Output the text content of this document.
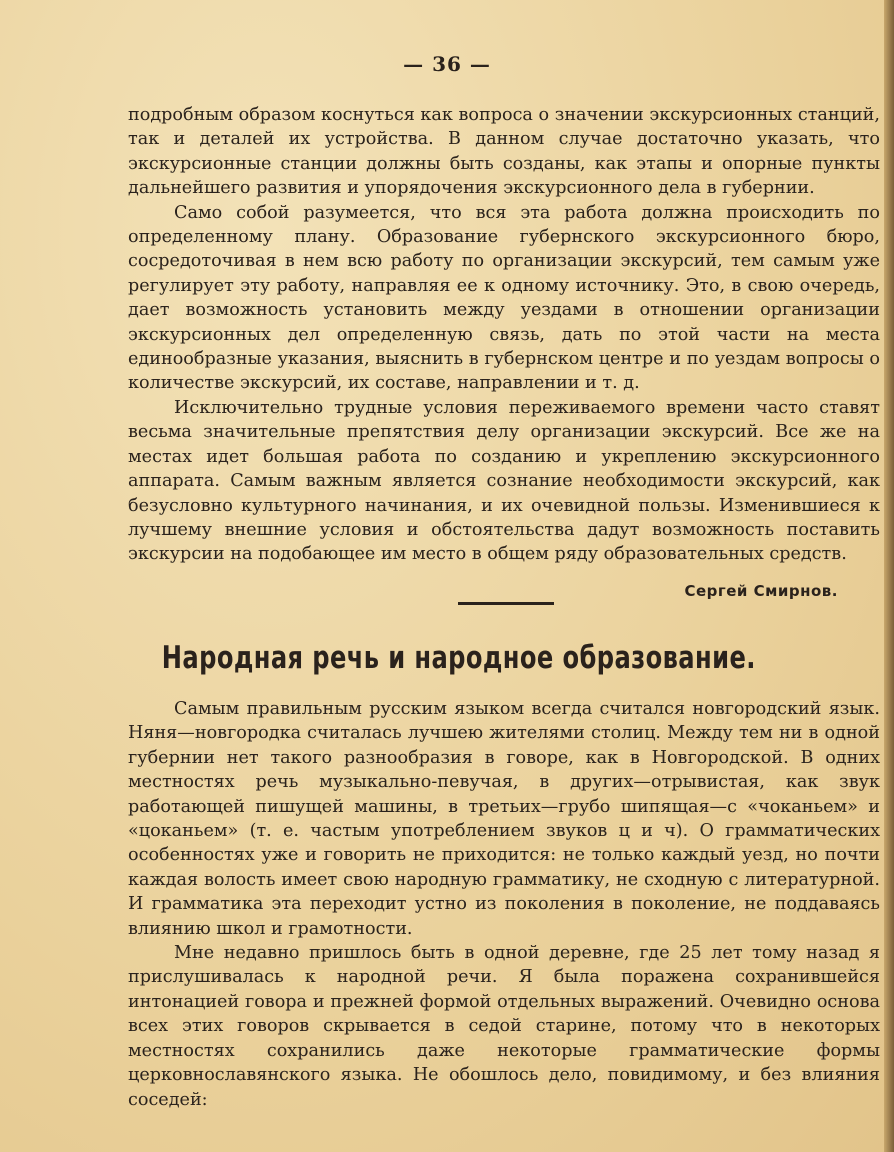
— 36 —

подробным образом коснуться как вопроса о значении экскурсионных станций, так и деталей их устройства. В данном случае достаточно указать, что экскурсионные станции должны быть созданы, как этапы и опорные пункты дальнейшего развития и упорядочения экскурсионного дела в губернии.

Само собой разумеется, что вся эта работа должна происходить по определенному плану. Образование губернского экскурсионного бюро, сосредоточивая в нем всю работу по организации экскурсий, тем самым уже регулирует эту работу, направляя ее к одному источнику. Это, в свою очередь, дает возможность установить между уездами в отношении организации экскурсионных дел определенную связь, дать по этой части на места единообразные указания, выяснить в губернском центре и по уездам вопросы о количестве экскурсий, их составе, направлении и т. д.

Исключительно трудные условия переживаемого времени часто ставят весьма значительные препятствия делу организации экскурсий. Все же на местах идет большая работа по созданию и укреплению экскурсионного аппарата. Самым важным является сознание необходимости экскурсий, как безусловно культурного начинания, и их очевидной пользы. Изменившиеся к лучшему внешние условия и обстоятельства дадут возможность поставить экскурсии на подобающее им место в общем ряду образовательных средств.

Сергей Смирнов.
Народная речь и народное образование.

Самым правильным русским языком всегда считался новгородский язык. Няня—новгородка считалась лучшею жителями столиц. Между тем ни в одной губернии нет такого разнообразия в говоре, как в Новгородской. В одних местностях речь музыкально-певучая, в других—отрывистая, как звук работающей пишущей машины, в третьих—грубо шипящая—с «чоканьем» и «цоканьем» (т. е. частым употреблением звуков ц и ч). О грамматических особенностях уже и говорить не приходится: не только каждый уезд, но почти каждая волость имеет свою народную грамматику, не сходную с литературной. И грамматика эта переходит устно из поколения в поколение, не поддаваясь влиянию школ и грамотности.

Мне недавно пришлось быть в одной деревне, где 25 лет тому назад я прислушивалась к народной речи. Я была поражена сохранившейся интонацией говора и прежней формой отдельных выражений. Очевидно основа всех этих говоров скрывается в седой старине, потому что в некоторых местностях сохранились даже некоторые грамматические формы церковнославянского языка. Не обошлось дело, повидимому, и без влияния соседей:
